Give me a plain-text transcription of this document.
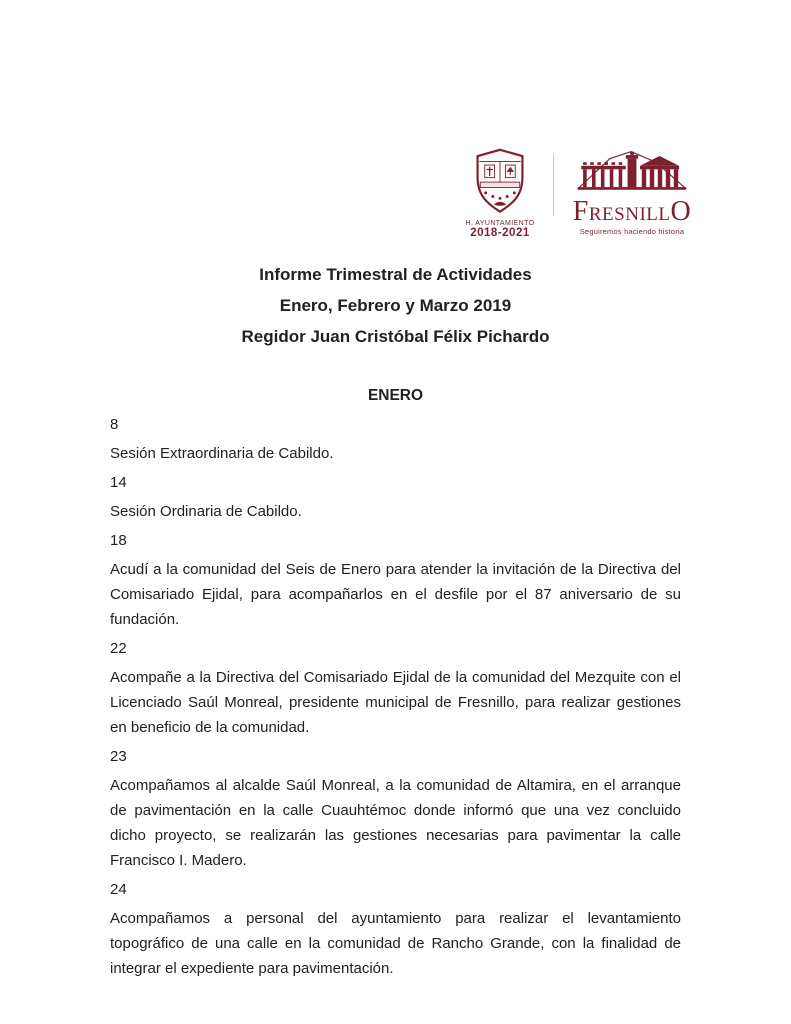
H. AYUNTAMIENTO
2018-2021
FRESNILLO
Seguiremos haciendo historia

Informe Trimestral de Actividades

Enero, Febrero y Marzo 2019

Regidor Juan Cristóbal Félix Pichardo

ENERO

8

Sesión Extraordinaria de Cabildo.

14

Sesión Ordinaria de Cabildo.

18

Acudí a la comunidad del Seis de Enero para atender la invitación de la Directiva del Comisariado Ejidal, para acompañarlos en el desfile por el 87 aniversario de su fundación.

22

Acompañe a la Directiva del Comisariado Ejidal de la comunidad del Mezquite con el Licenciado Saúl Monreal, presidente municipal de Fresnillo, para realizar gestiones en beneficio de la comunidad.

23

Acompañamos al alcalde Saúl Monreal, a la comunidad de Altamira, en el arranque de pavimentación en la calle Cuauhtémoc donde informó que una vez concluido dicho proyecto, se realizarán las gestiones necesarias para pavimentar la calle Francisco I. Madero.

24

Acompañamos a personal del ayuntamiento para realizar el levantamiento topográfico de una calle en la comunidad de Rancho Grande, con la finalidad de integrar el expediente para pavimentación.
